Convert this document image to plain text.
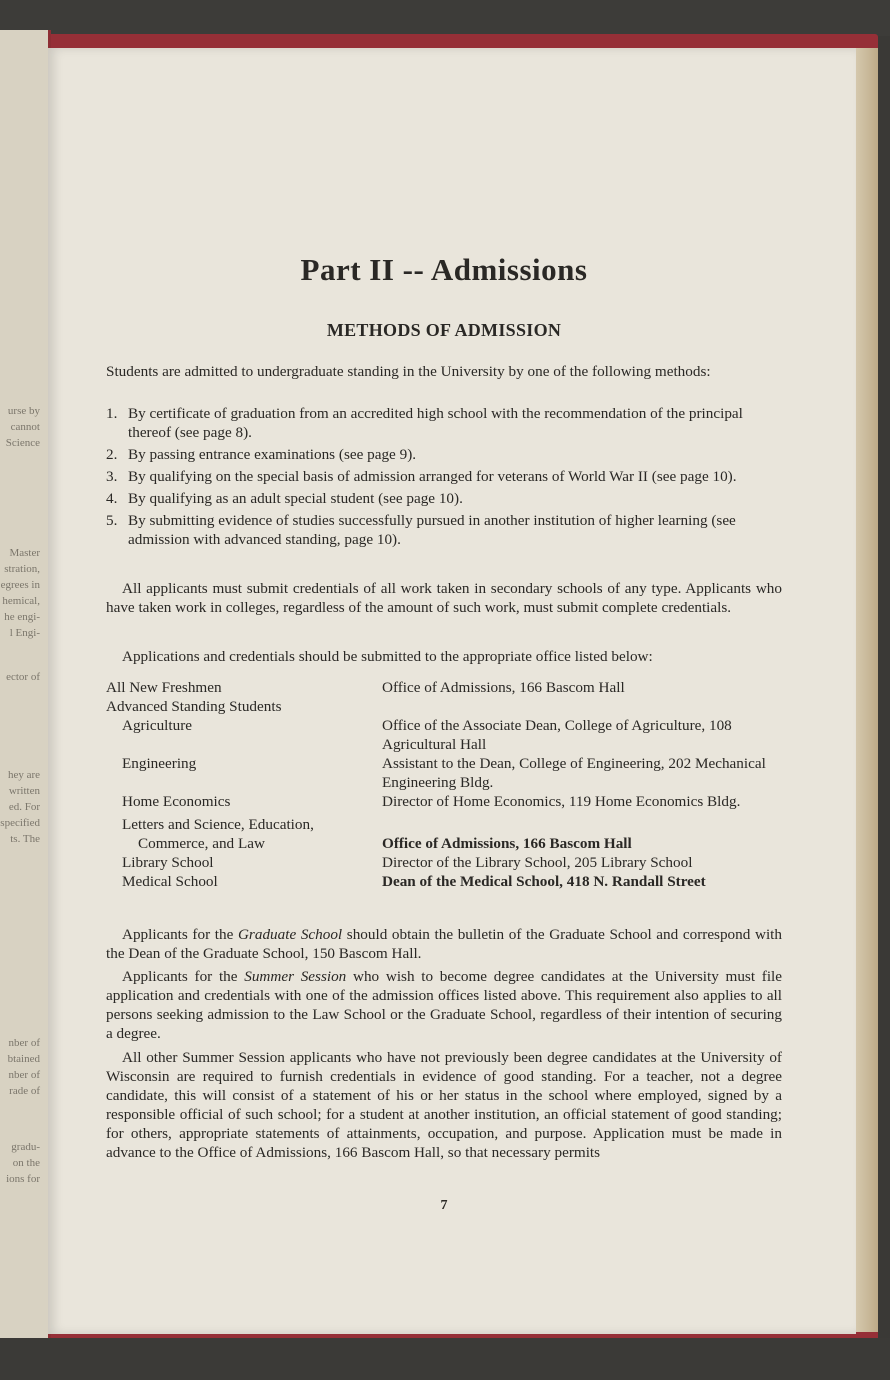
urse by
cannot
Science
Master
stration,
egrees in
hemical,
he engi-
l Engi-
ector of
hey are
written
ed. For
specified
ts. The
nber of
btained
nber of
rade of
gradu-
on the
ions for
Part II -- Admissions
METHODS OF ADMISSION

Students are admitted to undergraduate standing in the University by one of the following methods:

1. By certificate of graduation from an accredited high school with the recommendation of the principal thereof (see page 8).
2. By passing entrance examinations (see page 9).
3. By qualifying on the special basis of admission arranged for veterans of World War II (see page 10).
4. By qualifying as an adult special student (see page 10).
5. By submitting evidence of studies successfully pursued in another institution of higher learning (see admission with advanced standing, page 10).

All applicants must submit credentials of all work taken in secondary schools of any type. Applicants who have taken work in colleges, regardless of the amount of such work, must submit complete credentials.

Applications and credentials should be submitted to the appropriate office listed below:

All New Freshmen	Office of Admissions, 166 Bascom Hall
Advanced Standing Students
Agriculture	Office of the Associate Dean, College of Agriculture, 108 Agricultural Hall
Engineering	Assistant to the Dean, College of Engineering, 202 Mechanical Engineering Bldg.
Home Economics	Director of Home Economics, 119 Home Economics Bldg.
Letters and Science, Education,
Commerce, and Law	Office of Admissions, 166 Bascom Hall
Library School	Director of the Library School, 205 Library School
Medical School	Dean of the Medical School, 418 N. Randall Street

Applicants for the Graduate School should obtain the bulletin of the Graduate School and correspond with the Dean of the Graduate School, 150 Bascom Hall.

Applicants for the Summer Session who wish to become degree candidates at the University must file application and credentials with one of the admission offices listed above. This requirement also applies to all persons seeking admission to the Law School or the Graduate School, regardless of their intention of securing a degree.

All other Summer Session applicants who have not previously been degree candidates at the University of Wisconsin are required to furnish credentials in evidence of good standing. For a teacher, not a degree candidate, this will consist of a statement of his or her status in the school where employed, signed by a responsible official of such school; for a student at another institution, an official statement of good standing; for others, appropriate statements of attainments, occupation, and purpose. Application must be made in advance to the Office of Admissions, 166 Bascom Hall, so that necessary permits

7
